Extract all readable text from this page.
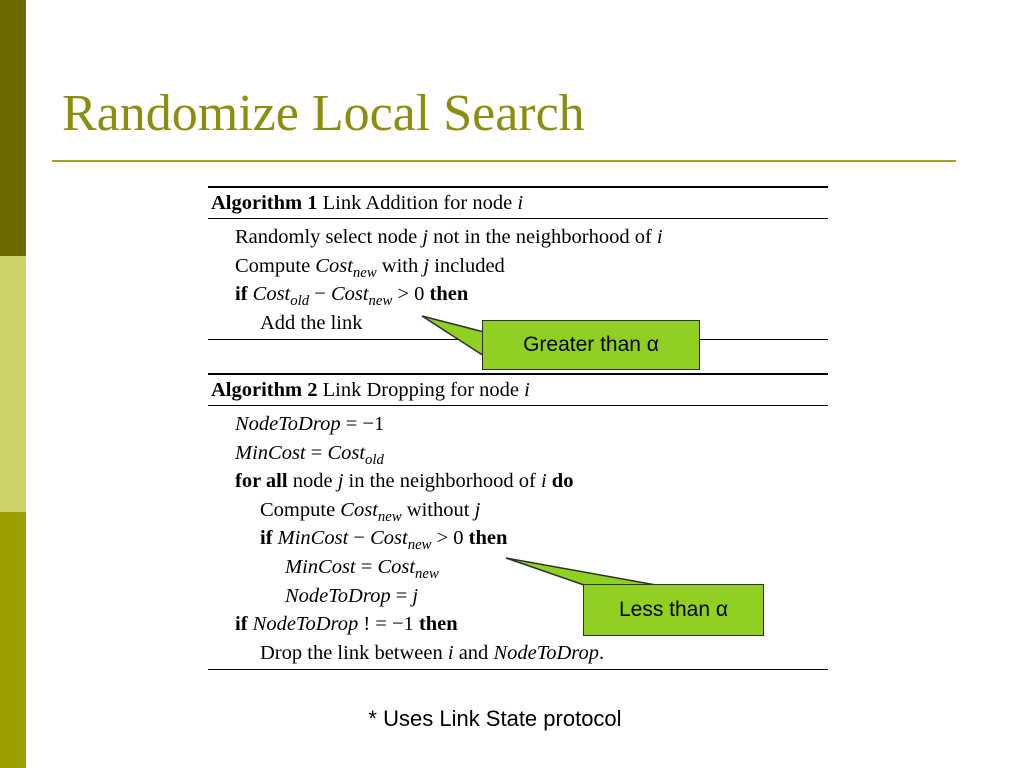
Randomize Local Search
Algorithm 1 Link Addition for node i
Randomly select node j not in the neighborhood of i
Compute Cost$_{new}$ with j included
if Cost$_{old}$ − Cost$_{new}$ > 0 then
Add the link
Algorithm 2 Link Dropping for node i
NodeToDrop = −1
MinCost = Cost$_{old}$
for all node j in the neighborhood of i do
Compute Cost$_{new}$ without j
if MinCost − Cost$_{new}$ > 0 then
MinCost = Cost$_{new}$
NodeToDrop = j
if NodeToDrop ! = −1 then
Drop the link between i and NodeToDrop.
Greater than α
Less than α
* Uses Link State protocol
